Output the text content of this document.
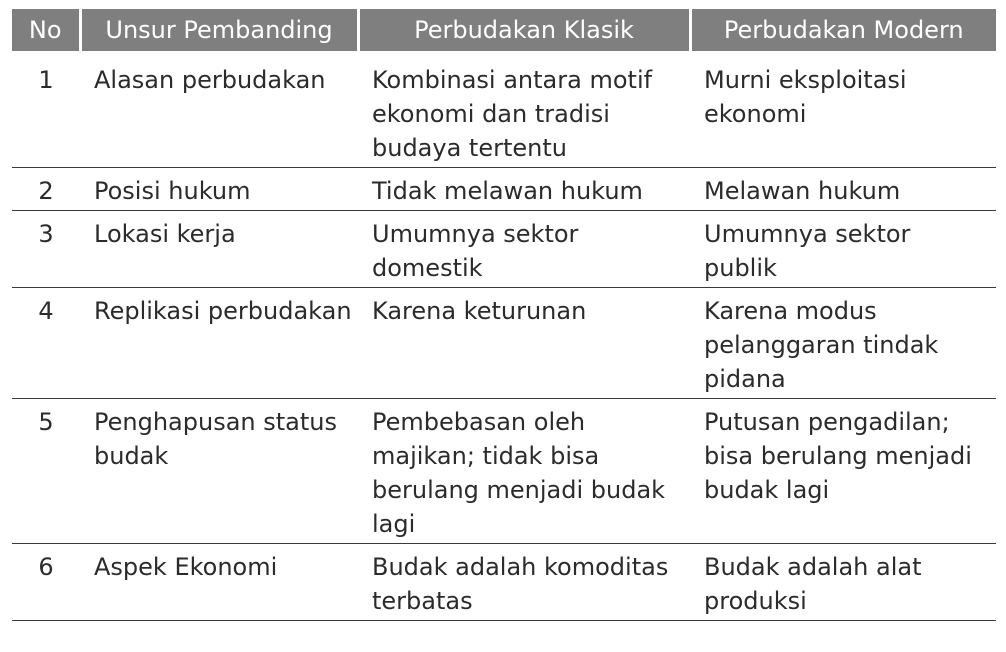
No	Unsur Pembanding	Perbudakan Klasik	Perbudakan Modern
1	Alasan perbudakan	Kombinasi antara motif ekonomi dan tradisi budaya tertentu	Murni eksploitasi ekonomi
2	Posisi hukum	Tidak melawan hukum	Melawan hukum
3	Lokasi kerja	Umumnya sektor domestik	Umumnya sektor publik
4	Replikasi perbudakan	Karena keturunan	Karena modus pelanggaran tindak pidana
5	Penghapusan status budak	Pembebasan oleh majikan; tidak bisa berulang menjadi budak lagi	Putusan pengadilan; bisa berulang menjadi budak lagi
6	Aspek Ekonomi	Budak adalah komoditas terbatas	Budak adalah alat produksi
